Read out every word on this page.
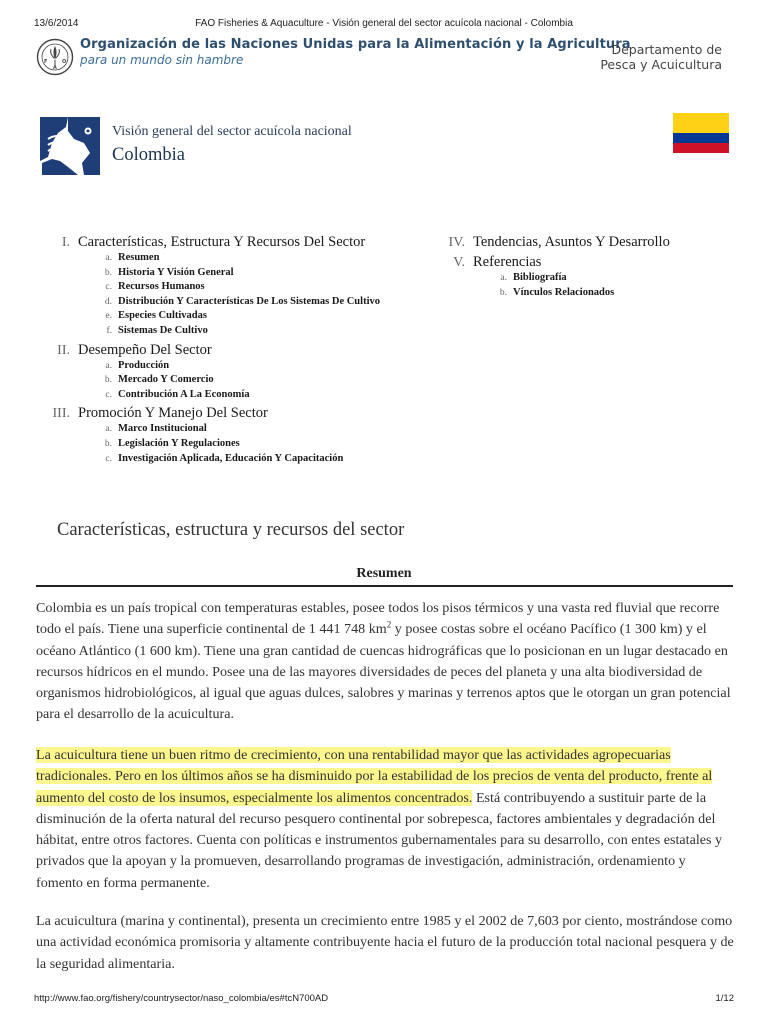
13/6/2014	FAO Fisheries & Aquaculture - Visión general del sector acuícola nacional - Colombia
F
A
O
Organización de las Naciones Unidas para la Alimentación y la Agricultura
para un mundo sin hambre
Departamento de Pesca y Acuicultura
Visión general del sector acuícola nacional
Colombia
I. Características, Estructura Y Recursos Del Sector
a. Resumen
b. Historia Y Visión General
c. Recursos Humanos
d. Distribución Y Características De Los Sistemas De Cultivo
e. Especies Cultivadas
f. Sistemas De Cultivo
II. Desempeño Del Sector
a. Producción
b. Mercado Y Comercio
c. Contribución A La Economía
III. Promoción Y Manejo Del Sector
a. Marco Institucional
b. Legislación Y Regulaciones
c. Investigación Aplicada, Educación Y Capacitación
IV. Tendencias, Asuntos Y Desarrollo
V. Referencias
a. Bibliografía
b. Vínculos Relacionados
Características, estructura y recursos del sector
Resumen

Colombia es un país tropical con temperaturas estables, posee todos los pisos térmicos y una vasta red fluvial que recorre todo el país. Tiene una superficie continental de 1 441 748 $km^2$ y posee costas sobre el océano Pacífico (1 300 km) y el océano Atlántico (1 600 km). Tiene una gran cantidad de cuencas hidrográficas que lo posicionan en un lugar destacado en recursos hídricos en el mundo. Posee una de las mayores diversidades de peces del planeta y una alta biodiversidad de organismos hidrobiológicos, al igual que aguas dulces, salobres y marinas y terrenos aptos que le otorgan un gran potencial para el desarrollo de la acuicultura.

La acuicultura tiene un buen ritmo de crecimiento, con una rentabilidad mayor que las actividades agropecuarias tradicionales. Pero en los últimos años se ha disminuido por la estabilidad de los precios de venta del producto, frente al aumento del costo de los insumos, especialmente los alimentos concentrados. Está contribuyendo a sustituir parte de la disminución de la oferta natural del recurso pesquero continental por sobrepesca, factores ambientales y degradación del hábitat, entre otros factores. Cuenta con políticas e instrumentos gubernamentales para su desarrollo, con entes estatales y privados que la apoyan y la promueven, desarrollando programas de investigación, administración, ordenamiento y fomento en forma permanente.

La acuicultura (marina y continental), presenta un crecimiento entre 1985 y el 2002 de 7,603 por ciento, mostrándose como una actividad económica promisoria y altamente contribuyente hacia el futuro de la producción total nacional pesquera y de la seguridad alimentaria.

http://www.fao.org/fishery/countrysector/naso_colombia/es#tcN700AD	1/12
